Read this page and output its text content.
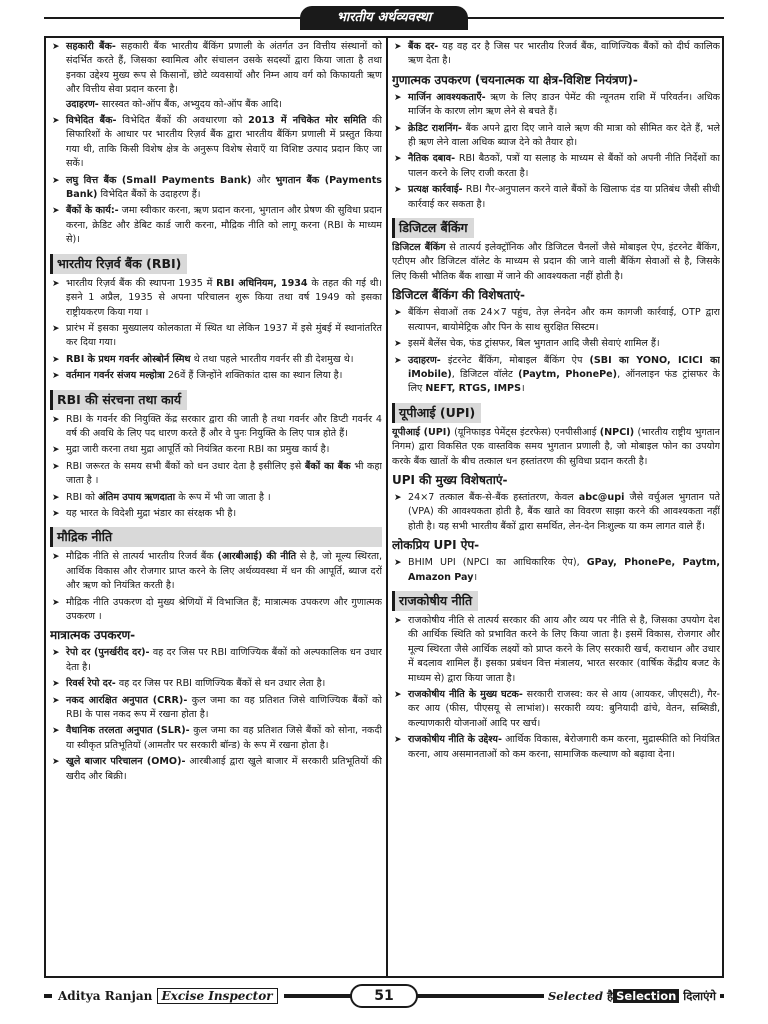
भारतीय अर्थव्यवस्था
➤ सहकारी बैंक- सहकारी बैंक भारतीय बैंकिंग प्रणाली के अंतर्गत उन वित्तीय संस्थानों को संदर्भित करते हैं, जिसका स्वामित्व और संचालन उसके सदस्यों द्वारा किया जाता है तथा इनका उद्देश्य मुख्य रूप से किसानों, छोटे व्यवसायों और निम्न आय वर्ग को किफायती ऋण और वित्तीय सेवा प्रदान करना है।
उदाहरण- सारस्वत को-ऑप बैंक, अभ्युदय को-ऑप बैंक आदि।
➤ विभेदित बैंक- विभेदित बैंकों की अवधारणा को 2013 में नचिकेत मोर समिति की सिफारिशों के आधार पर भारतीय रिज़र्व बैंक द्वारा भारतीय बैंकिंग प्रणाली में प्रस्तुत किया गया थी, ताकि किसी विशेष क्षेत्र के अनुरूप विशेष सेवाएँ या विशिष्ट उत्पाद प्रदान किए जा सकें।
➤ लघु वित्त बैंक (Small Payments Bank) और भुगतान बैंक (Payments Bank) विभेदित बैंकों के उदाहरण हैं।
➤ बैंकों के कार्य:- जमा स्वीकार करना, ऋण प्रदान करना, भुगतान और प्रेषण की सुविधा प्रदान करना, क्रेडिट और डेबिट कार्ड जारी करना, मौद्रिक नीति को लागू करना (RBI के माध्यम से)।
भारतीय रिज़र्व बैंक (RBI)
➤ भारतीय रिज़र्व बैंक की स्थापना 1935 में RBI अधिनियम, 1934 के तहत की गई थी। इसने 1 अप्रैल, 1935 से अपना परिचालन शुरू किया तथा वर्ष 1949 को इसका राष्ट्रीयकरण किया गया ।
➤ प्रारंभ में इसका मुख्यालय कोलकाता में स्थित था लेकिन 1937 में इसे मुंबई में स्थानांतरित कर दिया गया।
➤ RBI के प्रथम गवर्नर ओस्बोर्न स्मिथ थे तथा पहले भारतीय गवर्नर सी डी देशमुख थे।
➤ वर्तमान गवर्नर संजय मल्होत्रा 26वें हैं जिन्होंने शक्तिकांत दास का स्थान लिया है।
RBI की संरचना तथा कार्य
➤ RBI के गवर्नर की नियुक्ति केंद्र सरकार द्वारा की जाती है तथा गवर्नर और डिप्टी गवर्नर 4 वर्ष की अवधि के लिए पद धारण करते हैं और वे पुनः नियुक्ति के लिए पात्र होते हैं।
➤ मुद्रा जारी करना तथा मुद्रा आपूर्ति को नियंत्रित करना RBI का प्रमुख कार्य है।
➤ RBI जरूरत के समय सभी बैंकों को धन उधार देता है इसीलिए इसे बैंकों का बैंक भी कहा जाता है ।
➤ RBI को अंतिम उपाय ऋणदाता के रूप में भी जा जाता है ।
➤ यह भारत के विदेशी मुद्रा भंडार का संरक्षक भी है।
मौद्रिक नीति
➤ मौद्रिक नीति से तात्पर्य भारतीय रिजर्व बैंक (आरबीआई) की नीति से है, जो मूल्य स्थिरता, आर्थिक विकास और रोजगार प्राप्त करने के लिए अर्थव्यवस्था में धन की आपूर्ति, ब्याज दरों और ऋण को नियंत्रित करती है।
➤ मौद्रिक नीति उपकरण दो मुख्य श्रेणियों में विभाजित हैं; मात्रात्मक उपकरण और गुणात्मक उपकरण ।
मात्रात्मक उपकरण-
➤ रेपो दर (पुनर्खरीद दर)- वह दर जिस पर RBI वाणिज्यिक बैंकों को अल्पकालिक धन उधार देता है।
➤ रिवर्स रेपो दर- वह दर जिस पर RBI वाणिज्यिक बैंकों से धन उधार लेता है।
➤ नकद आरक्षित अनुपात (CRR)- कुल जमा का वह प्रतिशत जिसे वाणिज्यिक बैंकों को RBI के पास नकद रूप में रखना होता है।
➤ वैधानिक तरलता अनुपात (SLR)- कुल जमा का वह प्रतिशत जिसे बैंकों को सोना, नकदी या स्वीकृत प्रतिभूतियों (आमतौर पर सरकारी बॉन्ड) के रूप में रखना होता है।
➤ खुले बाजार परिचालन (OMO)- आरबीआई द्वारा खुले बाजार में सरकारी प्रतिभूतियों की खरीद और बिक्री।
➤ बैंक दर- यह वह दर है जिस पर भारतीय रिजर्व बैंक, वाणिज्यिक बैंकों को दीर्घ कालिक ऋण देता है।
गुणात्मक उपकरण (चयनात्मक या क्षेत्र-विशिष्ट नियंत्रण)-
➤ मार्जिन आवश्यकताएँ- ऋण के लिए डाउन पेमेंट की न्यूनतम राशि में परिवर्तन। अधिक मार्जिन के कारण लोग ऋण लेने से बचते हैं।
➤ क्रेडिट राशनिंग- बैंक अपने द्वारा दिए जाने वाले ऋण की मात्रा को सीमित कर देते हैं, भले ही ऋण लेने वाला अधिक ब्याज देने को तैयार हो।
➤ नैतिक दबाव- RBI बैठकों, पत्रों या सलाह के माध्यम से बैंकों को अपनी नीति निर्देशों का पालन करने के लिए राजी करता है।
➤ प्रत्यक्ष कार्रवाई- RBI गैर-अनुपालन करने वाले बैंकों के खिलाफ दंड या प्रतिबंध जैसी सीधी कार्रवाई कर सकता है।
डिजिटल बैंकिंग
डिजिटल बैंकिंग से तात्पर्य इलेक्ट्रॉनिक और डिजिटल चैनलों जैसे मोबाइल ऐप, इंटरनेट बैंकिंग, एटीएम और डिजिटल वॉलेट के माध्यम से प्रदान की जाने वाली बैंकिंग सेवाओं से है, जिसके लिए किसी भौतिक बैंक शाखा में जाने की आवश्यकता नहीं होती है।
डिजिटल बैंकिंग की विशेषताएं-
➤ बैंकिंग सेवाओं तक 24×7 पहुंच, तेज़ लेनदेन और कम कागजी कार्रवाई, OTP द्वारा सत्यापन, बायोमेट्रिक और पिन के साथ सुरक्षित सिस्टम।
➤ इसमें बैलेंस चेक, फंड ट्रांसफर, बिल भुगतान आदि जैसी सेवाएं शामिल हैं।
➤ उदाहरण- इंटरनेट बैंकिंग, मोबाइल बैंकिंग ऐप (SBI का YONO, ICICI का iMobile), डिजिटल वॉलेट (Paytm, PhonePe), ऑनलाइन फंड ट्रांसफर के लिए NEFT, RTGS, IMPS।
यूपीआई (UPI)
यूपीआई (UPI) (यूनिफाइड पेमेंट्स इंटरफेस) एनपीसीआई (NPCI) (भारतीय राष्ट्रीय भुगतान निगम) द्वारा विकसित एक वास्तविक समय भुगतान प्रणाली है, जो मोबाइल फोन का उपयोग करके बैंक खातों के बीच तत्काल धन हस्तांतरण की सुविधा प्रदान करती है।
UPI की मुख्य विशेषताएं-
➤ 24×7 तत्काल बैंक-से-बैंक हस्तांतरण, केवल abc@upi जैसे वर्चुअल भुगतान पते (VPA) की आवश्यकता होती है, बैंक खाते का विवरण साझा करने की आवश्यकता नहीं होती है। यह सभी भारतीय बैंकों द्वारा समर्थित, लेन-देन निःशुल्क या कम लागत वाले हैं।
लोकप्रिय UPI ऐप-
➤ BHIM UPI (NPCI का आधिकारिक ऐप), GPay, PhonePe, Paytm, Amazon Pay।
राजकोषीय नीति
➤ राजकोषीय नीति से तात्पर्य सरकार की आय और व्यय पर नीति से है, जिसका उपयोग देश की आर्थिक स्थिति को प्रभावित करने के लिए किया जाता है। इसमें विकास, रोजगार और मूल्य स्थिरता जैसे आर्थिक लक्ष्यों को प्राप्त करने के लिए सरकारी खर्च, कराधान और उधार में बदलाव शामिल हैं। इसका प्रबंधन वित्त मंत्रालय, भारत सरकार (वार्षिक केंद्रीय बजट के माध्यम से) द्वारा किया जाता है।
➤ राजकोषीय नीति के मुख्य घटक- सरकारी राजस्व: कर से आय (आयकर, जीएसटी), गैर-कर आय (फीस, पीएसयू से लाभांश)। सरकारी व्यय: बुनियादी ढांचे, वेतन, सब्सिडी, कल्याणकारी योजनाओं आदि पर खर्च।
➤ राजकोषीय नीति के उद्देश्य- आर्थिक विकास, बेरोजगारी कम करना, मुद्रास्फीति को नियंत्रित करना, आय असमानताओं को कम करना, सामाजिक कल्याण को बढ़ावा देना।
Aditya Ranjan Excise Inspector	51	Selected है Selection दिलाएंगे
